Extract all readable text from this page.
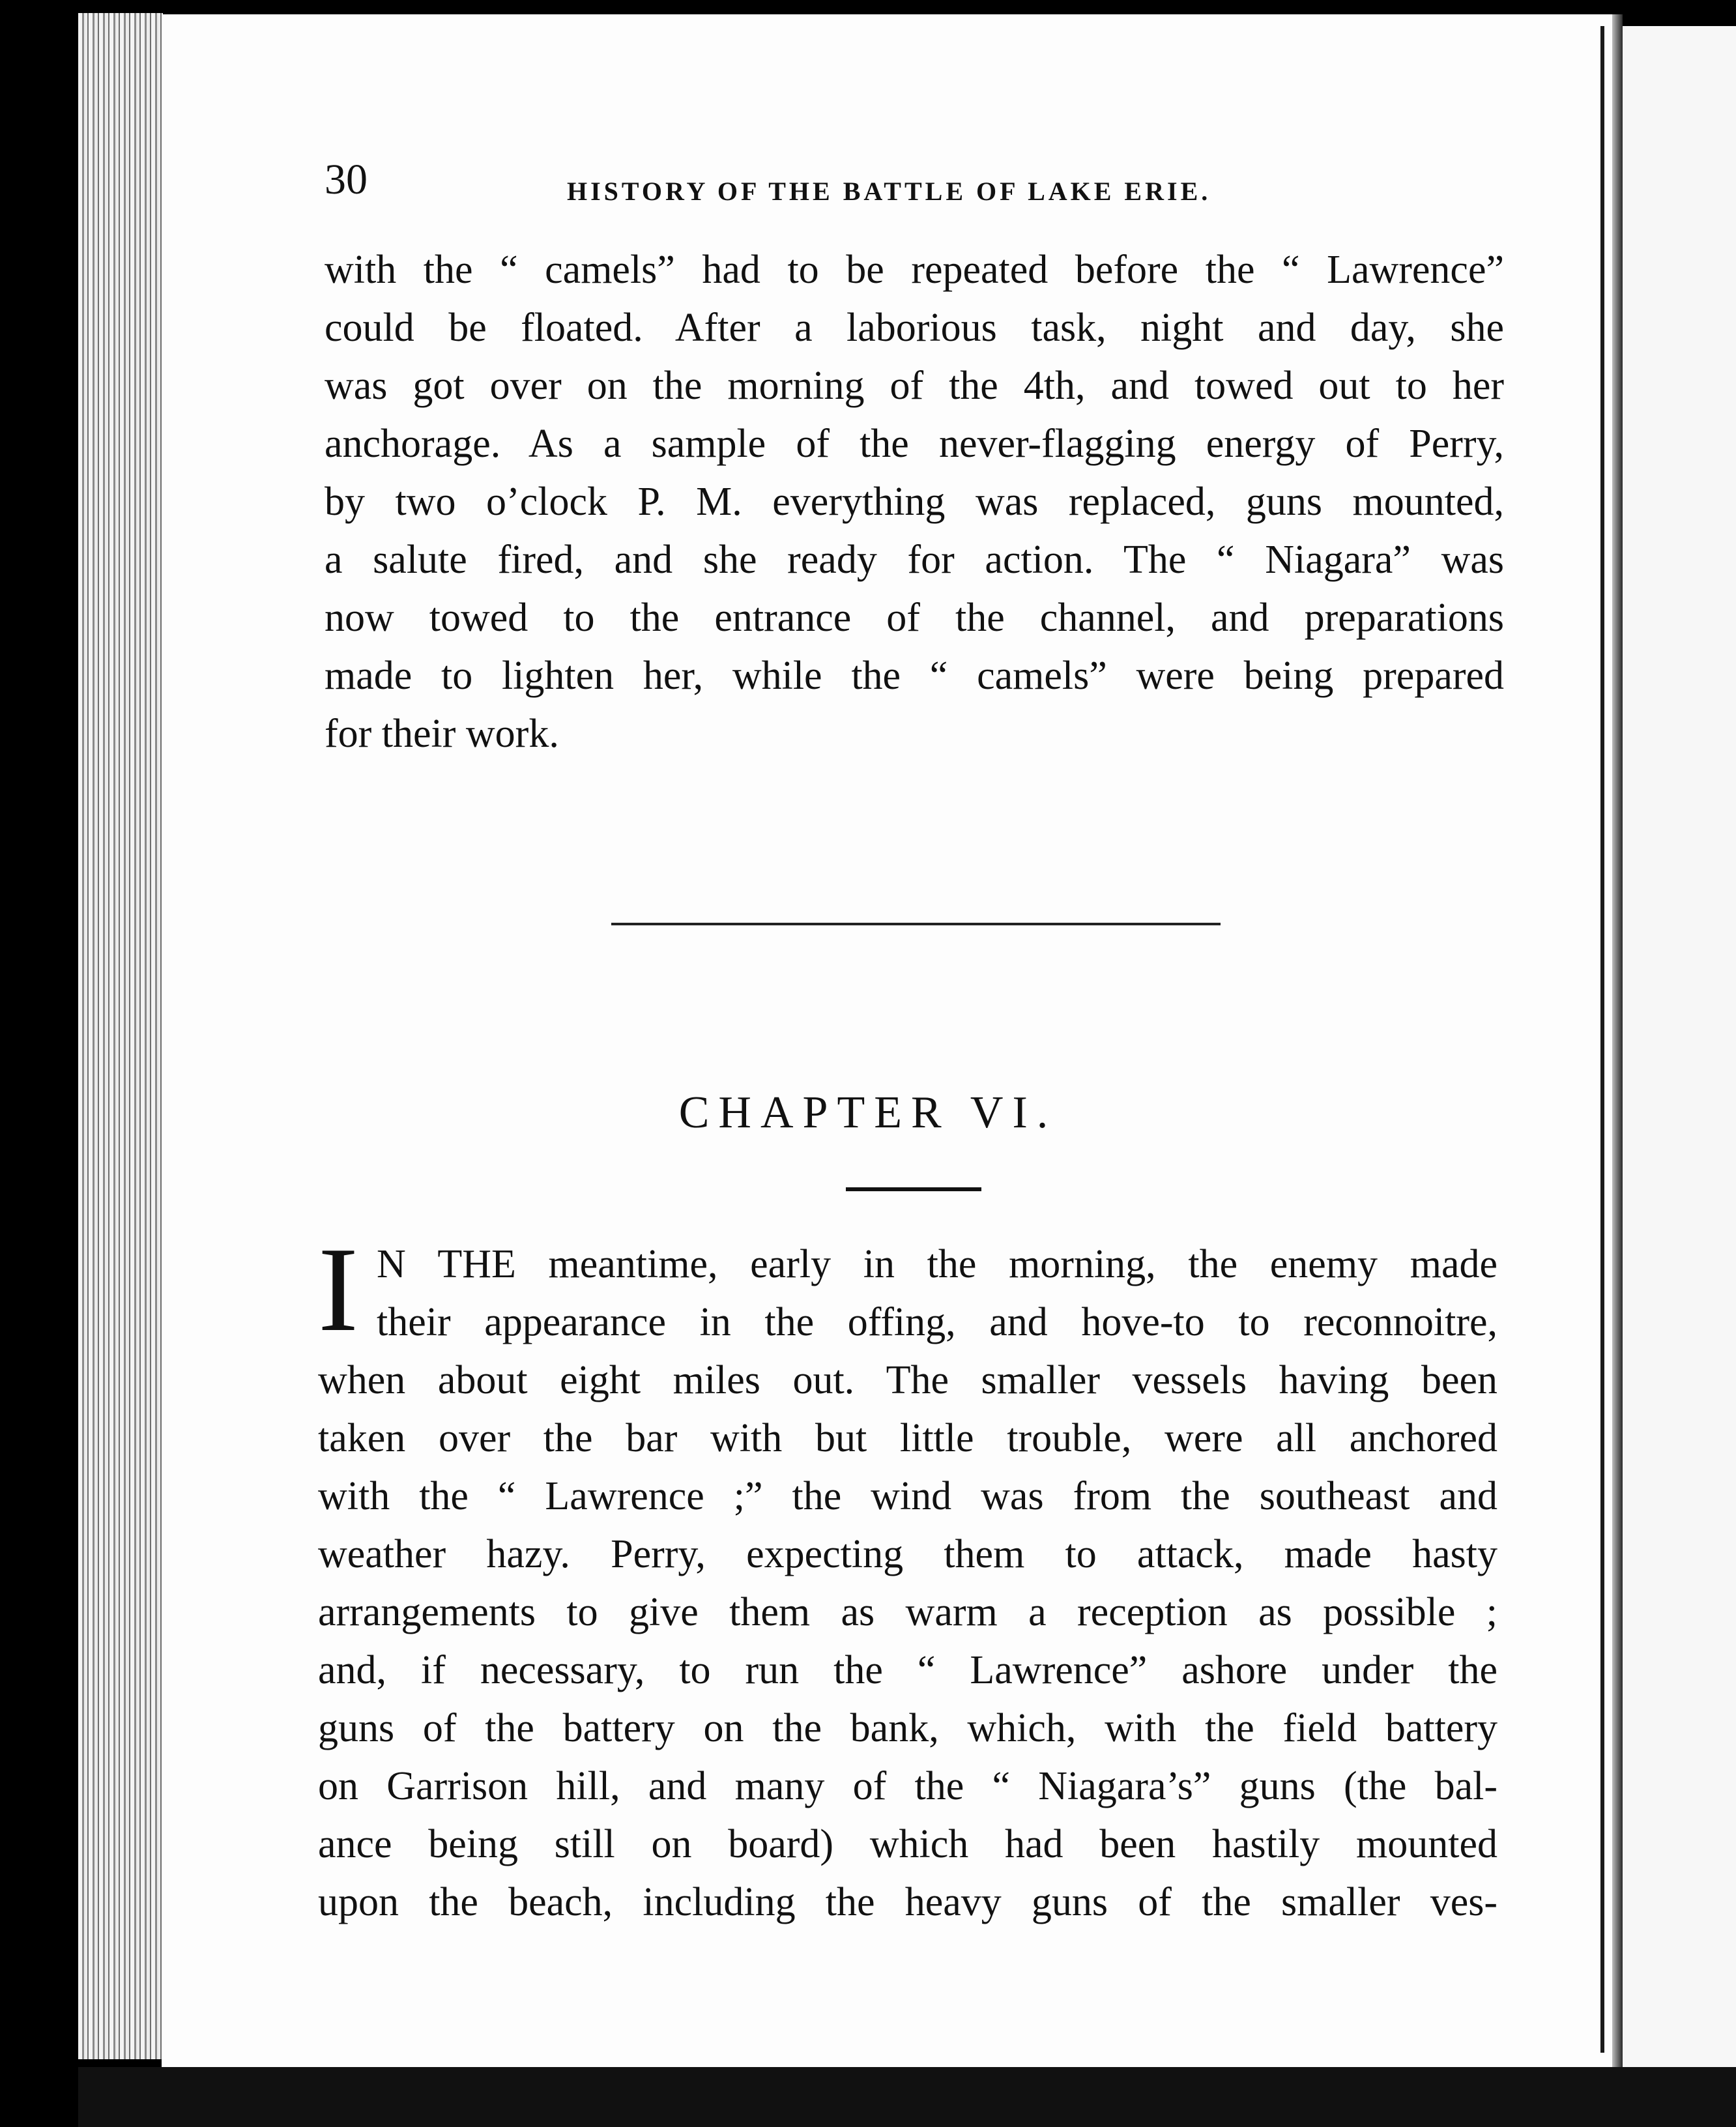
30	HISTORY OF THE BATTLE OF LAKE ERIE.
with the “ camels” had to be repeated before the “ Lawrence”
could be floated. After a laborious task, night and day, she
was got over on the morning of the 4th, and towed out to her
anchorage. As a sample of the never-flagging energy of Perry,
by two o’clock P. M. everything was replaced, guns mounted,
a salute fired, and she ready for action. The “ Niagara” was
now towed to the entrance of the channel, and preparations
made to lighten her, while the “ camels” were being prepared
for their work.
CHAPTER VI.
I N THE meantime, early in the morning, the enemy made
their appearance in the offing, and hove-to to reconnoitre,
when about eight miles out. The smaller vessels having been
taken over the bar with but little trouble, were all anchored
with the “ Lawrence ;” the wind was from the southeast and
weather hazy. Perry, expecting them to attack, made hasty
arrangements to give them as warm a reception as possible ;
and, if necessary, to run the “ Lawrence” ashore under the
guns of the battery on the bank, which, with the field battery
on Garrison hill, and many of the “ Niagara’s” guns (the bal-
ance being still on board) which had been hastily mounted
upon the beach, including the heavy guns of the smaller ves-
